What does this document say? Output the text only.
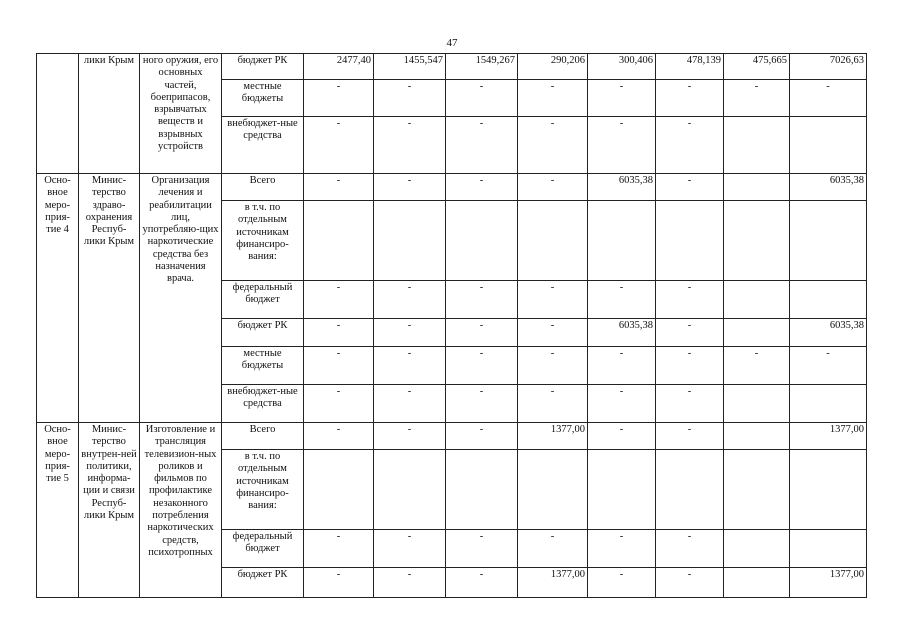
47

	лики Крым	ного оружия, его основных частей, боеприпасов, взрывчатых веществ и взрывных устройств	бюджет РК	2477,40	1455,547	1549,267	290,206	300,406	478,139	475,665	7026,63
			местные бюджеты	-	-	-	-	-	-	-	-
			внебюджет-ные средства	-	-	-	-	-	-		

Осно-вное меро-прия-тие 4	Минис-терство здраво-охранения Респуб-лики Крым	Организация лечения и реабилитации лиц, употребляю-щих наркотические средства без назначения врача.	Всего	-	-	-	-	6035,38	-		6035,38
			в т.ч. по отдельным источникам финансиро-вания:								
			федеральный бюджет	-	-	-	-	-	-		
			бюджет РК	-	-	-	-	6035,38	-		6035,38
			местные бюджеты	-	-	-	-	-	-	-	-
			внебюджет-ные средства	-	-	-	-	-	-		

Осно-вное меро-прия-тие 5	Минис-терство внутрен-ней политики, информа-ции и связи Респуб-лики Крым	Изготовление и трансляция телевизион-ных роликов и фильмов по профилактике незаконного потребления наркотических средств, психотропных	Всего	-	-	-	1377,00	-	-		1377,00
			в т.ч. по отдельным источникам финансиро-вания:								
			федеральный бюджет	-	-	-	-	-	-		
			бюджет РК	-	-	-	1377,00	-	-		1377,00
